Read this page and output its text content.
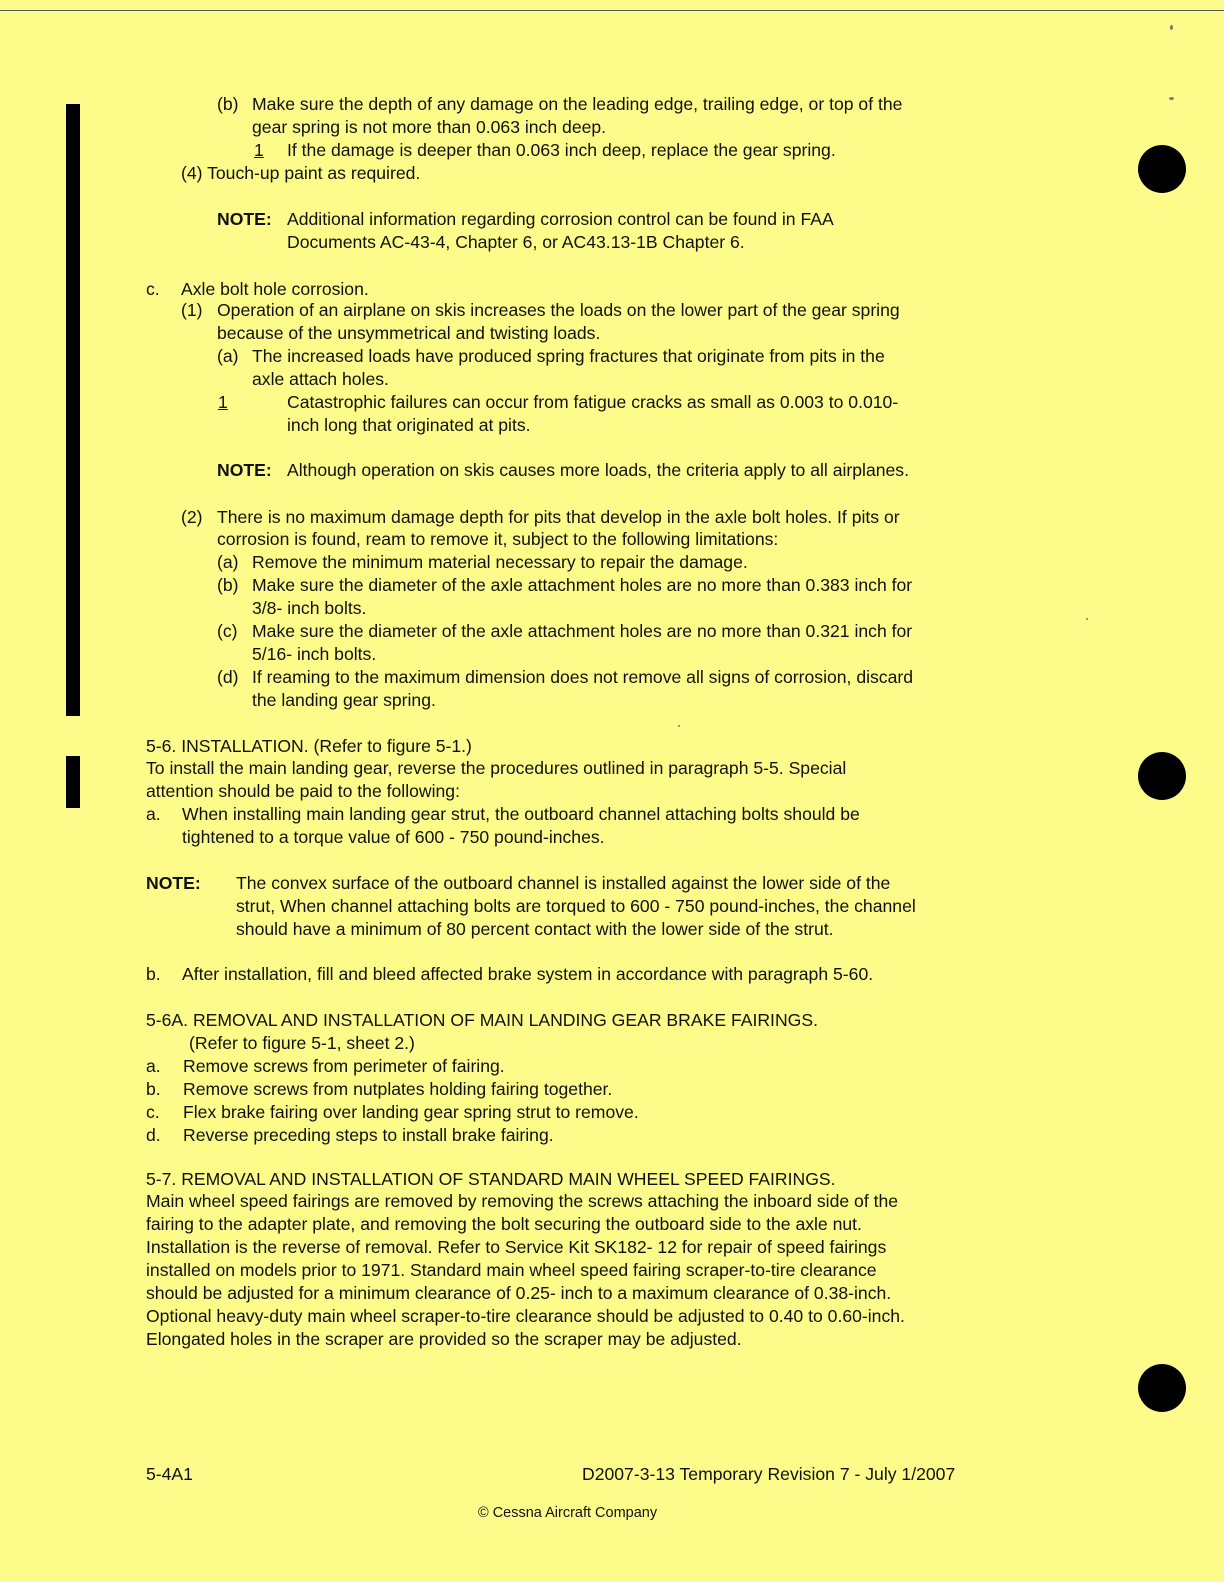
(b) Make sure the depth of any damage on the leading edge, trailing edge, or top of the
gear spring is not more than 0.063 inch deep.
1 If the damage is deeper than 0.063 inch deep, replace the gear spring.
(4) Touch-up paint as required.
NOTE: Additional information regarding corrosion control can be found in FAA
Documents AC-43-4, Chapter 6, or AC43.13-1B Chapter 6.
c. Axle bolt hole corrosion.
(1) Operation of an airplane on skis increases the loads on the lower part of the gear spring
because of the unsymmetrical and twisting loads.
(a) The increased loads have produced spring fractures that originate from pits in the
axle attach holes.
1	Catastrophic failures can occur from fatigue cracks as small as 0.003 to 0.010-
inch long that originated at pits.
NOTE: Although operation on skis causes more loads, the criteria apply to all airplanes.
(2) There is no maximum damage depth for pits that develop in the axle bolt holes. If pits or
corrosion is found, ream to remove it, subject to the following limitations:
(a) Remove the minimum material necessary to repair the damage.
(b) Make sure the diameter of the axle attachment holes are no more than 0.383 inch for
3/8- inch bolts.
(c) Make sure the diameter of the axle attachment holes are no more than 0.321 inch for
5/16- inch bolts.
(d) If reaming to the maximum dimension does not remove all signs of corrosion, discard
the landing gear spring.
5-6. INSTALLATION. (Refer to figure 5-1.)
To install the main landing gear, reverse the procedures outlined in paragraph 5-5. Special
attention should be paid to the following:
a. When installing main landing gear strut, the outboard channel attaching bolts should be
tightened to a torque value of 600 - 750 pound-inches.
NOTE: The convex surface of the outboard channel is installed against the lower side of the
strut, When channel attaching bolts are torqued to 600 - 750 pound-inches, the channel
should have a minimum of 80 percent contact with the lower side of the strut.
b. After installation, fill and bleed affected brake system in accordance with paragraph 5-60.
5-6A. REMOVAL AND INSTALLATION OF MAIN LANDING GEAR BRAKE FAIRINGS.
(Refer to figure 5-1, sheet 2.)
a. Remove screws from perimeter of fairing.
b. Remove screws from nutplates holding fairing together.
c. Flex brake fairing over landing gear spring strut to remove.
d. Reverse preceding steps to install brake fairing.
5-7. REMOVAL AND INSTALLATION OF STANDARD MAIN WHEEL SPEED FAIRINGS.
Main wheel speed fairings are removed by removing the screws attaching the inboard side of the
fairing to the adapter plate, and removing the bolt securing the outboard side to the axle nut.
Installation is the reverse of removal. Refer to Service Kit SK182- 12 for repair of speed fairings
installed on models prior to 1971. Standard main wheel speed fairing scraper-to-tire clearance
should be adjusted for a minimum clearance of 0.25- inch to a maximum clearance of 0.38-inch.
Optional heavy-duty main wheel scraper-to-tire clearance should be adjusted to 0.40 to 0.60-inch.
Elongated holes in the scraper are provided so the scraper may be adjusted.
5-4A1	D2007-3-13 Temporary Revision 7 - July 1/2007
© Cessna Aircraft Company
